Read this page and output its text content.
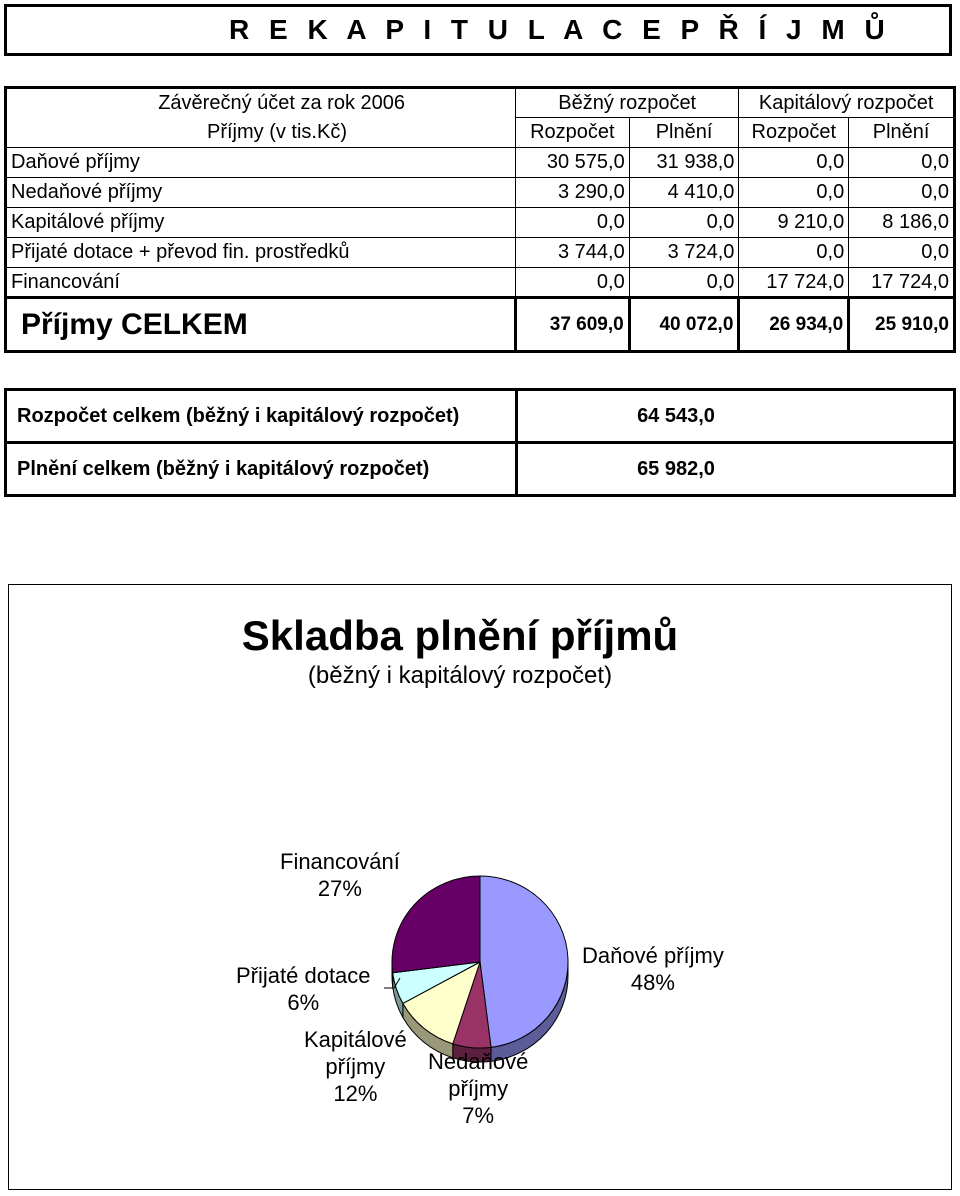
R E K A P I T U L A C E P Ř Í J M Ů
Závěrečný účet za rok 2006	Běžný rozpočet		Kapitálový rozpočet	
Příjmy (v tis.Kč)	Rozpočet	Plnění	Rozpočet	Plnění
Daňové příjmy	30 575,0	31 938,0	0,0	0,0
Nedaňové příjmy	3 290,0	4 410,0	0,0	0,0
Kapitálové příjmy	0,0	0,0	9 210,0	8 186,0
Přijaté dotace + převod fin. prostředků	3 744,0	3 724,0	0,0	0,0
Financování	0,0	0,0	17 724,0	17 724,0
Příjmy CELKEM	37 609,0	40 072,0	26 934,0	25 910,0
Rozpočet celkem (běžný i kapitálový rozpočet)	64 543,0
Plnění celkem (běžný i kapitálový rozpočet)	65 982,0
Skladba plnění příjmů
(běžný i kapitálový rozpočet)
Financování
27%
Přijaté dotace
6%
Kapitálové
příjmy
12%
Nedaňové
příjmy
7%
Daňové příjmy
48%
